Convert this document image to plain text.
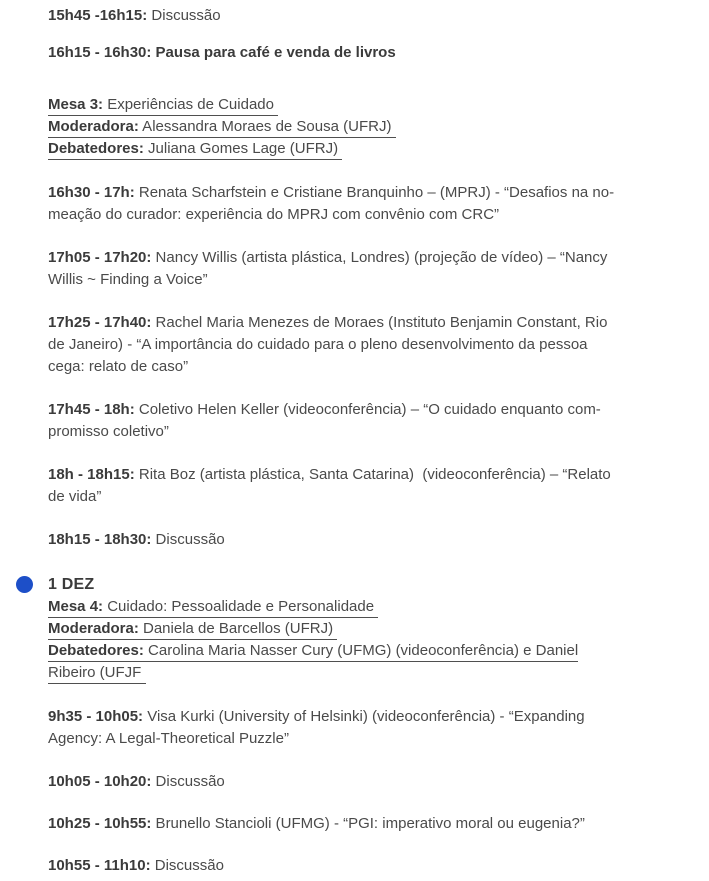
15h45 -16h15: Discussão
16h15 - 16h30: Pausa para café e venda de livros
Mesa 3: Experiências de Cuidado
Moderadora: Alessandra Moraes de Sousa (UFRJ)
Debatedores: Juliana Gomes Lage (UFRJ)
16h30 - 17h: Renata Scharfstein e Cristiane Branquinho – (MPRJ) - “Desafios na no-
meação do curador: experiência do MPRJ com convênio com CRC”
17h05 - 17h20: Nancy Willis (artista plástica, Londres) (projeção de vídeo) – “Nancy
Willis ~ Finding a Voice”
17h25 - 17h40: Rachel Maria Menezes de Moraes (Instituto Benjamin Constant, Rio
de Janeiro) - “A importância do cuidado para o pleno desenvolvimento da pessoa
cega: relato de caso”
17h45 - 18h: Coletivo Helen Keller (videoconferência) – “O cuidado enquanto com-
promisso coletivo”
18h - 18h15: Rita Boz (artista plástica, Santa Catarina)  (videoconferência) – “Relato
de vida”
18h15 - 18h30: Discussão
1 DEZ
Mesa 4: Cuidado: Pessoalidade e Personalidade
Moderadora: Daniela de Barcellos (UFRJ)
Debatedores: Carolina Maria Nasser Cury (UFMG) (videoconferência) e Daniel
Ribeiro (UFJF
9h35 - 10h05: Visa Kurki (University of Helsinki) (videoconferência) - “Expanding
Agency: A Legal-Theoretical Puzzle”
10h05 - 10h20: Discussão
10h25 - 10h55: Brunello Stancioli (UFMG) - “PGI: imperativo moral ou eugenia?”
10h55 - 11h10: Discussão
